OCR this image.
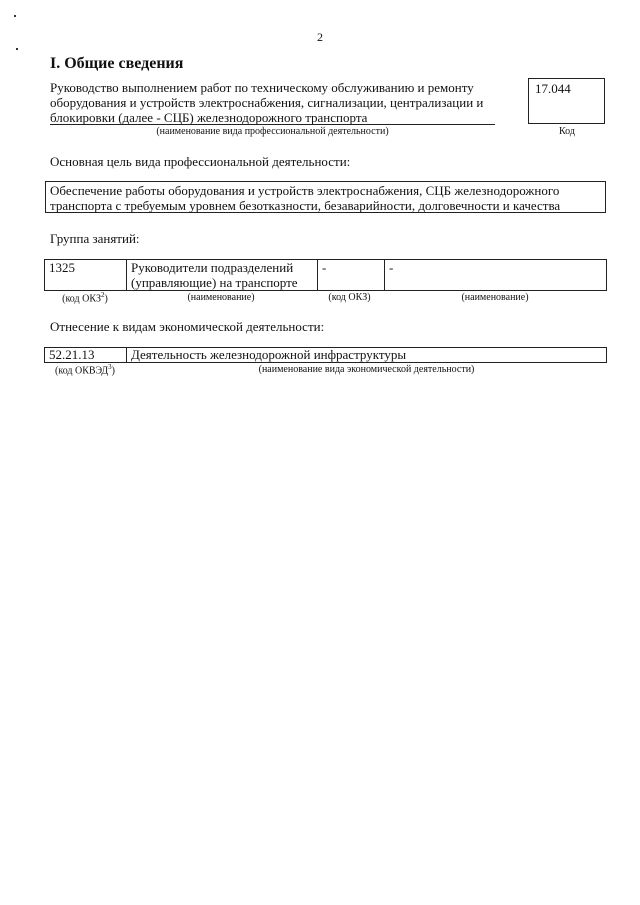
2
I. Общие сведения
Руководство выполнением работ по техническому обслуживанию и ремонту оборудования и устройств электроснабжения, сигнализации, централизации и блокировки (далее - СЦБ) железнодорожного транспорта
(наименование вида профессиональной деятельности)
17.044
Код
Основная цель вида профессиональной деятельности:
Обеспечение работы оборудования и устройств электроснабжения, СЦБ железнодорожного транспорта с требуемым уровнем безотказности, безаварийности, долговечности и качества
Группа занятий:
1325	Руководители подразделений (управляющие) на транспорте	-	-
(код ОКЗ$^2$)	(наименование)	(код ОКЗ)	(наименование)
Отнесение к видам экономической деятельности:
52.21.13	Деятельность железнодорожной инфраструктуры
(код ОКВЭД$^3$)	(наименование вида экономической деятельности)
